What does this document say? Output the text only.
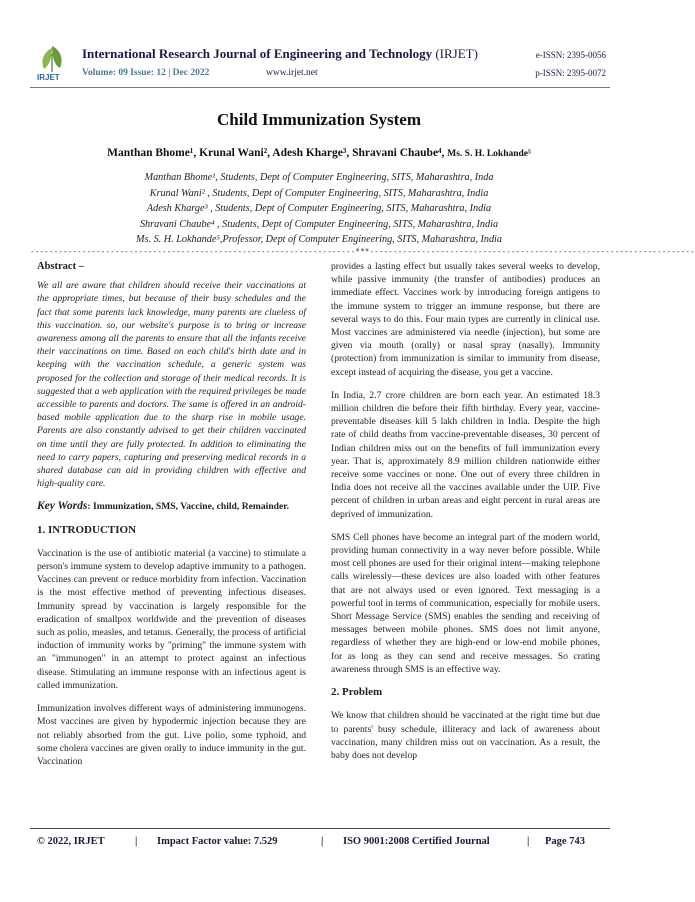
IRJET
International Research Journal of Engineering and Technology (IRJET)	e-ISSN: 2395-0056
Volume: 09 Issue: 12 | Dec 2022	www.irjet.net	p-ISSN: 2395-0072
Child Immunization System
Manthan Bhome¹, Krunal Wani², Adesh Kharge³, Shravani Chaube⁴, Ms. S. H. Lokhande⁵
Manthan Bhome¹, Students, Dept of Computer Engineering, SITS, Maharashtra, Inda
Krunal Wani² , Students, Dept of Computer Engineering, SITS, Maharashtra, India
Adesh Kharge³ , Students, Dept of Computer Engineering, SITS, Maharashtra, India
Shravani Chaube⁴ , Students, Dept of Computer Engineering, SITS, Maharashtra, India
---------------------------------------------------------------------***---------------------------------------------------------------------
Abstract –

We all are aware that children should receive their vaccinations at the appropriate times, but because of their busy schedules and the fact that some parents lack knowledge, many parents are clueless of this vaccination. so, our website's purpose is to bring or increase awareness among all the parents to ensure that all the infants receive their vaccinations on time. Based on each child's birth date and in keeping with the vaccination schedule, a generic system was proposed for the collection and storage of their medical records. It is suggested that a web application with the required privileges be made accessible to parents and doctors. The same is offered in an android-based mobile application due to the sharp rise in mobile usage. Parents are also constantly advised to get their children vaccinated on time until they are fully protected. In addition to eliminating the need to carry papers, capturing and preserving medical records in a shared database can aid in providing children with effective and high-quality care.

Key Words: Immunization, SMS, Vaccine, child, Remainder.

1. INTRODUCTION

Vaccination is the use of antibiotic material (a vaccine) to stimulate a person's immune system to develop adaptive immunity to a pathogen. Vaccines can prevent or reduce morbidity from infection. Vaccination is the most effective method of preventing infectious diseases. Immunity spread by vaccination is largely responsible for the eradication of smallpox worldwide and the prevention of diseases such as polio, measles, and tetanus. Generally, the process of artificial induction of immunity works by "priming" the immune system with an "immunogen" in an attempt to protect against an infectious disease. Stimulating an immune response with an infectious agent is called immunization.

Immunization involves different ways of administering immunogens. Most vaccines are given by hypodermic injection because they are not reliably absorbed from the gut. Live polio, some typhoid, and some cholera vaccines are given orally to induce immunity in the gut. Vaccination

provides a lasting effect but usually takes several weeks to develop, while passive immunity (the transfer of antibodies) produces an immediate effect. Vaccines work by introducing foreign antigens to the immune system to trigger an immune response, but there are several ways to do this. Four main types are currently in clinical use. Most vaccines are administered via needle (injection), but some are given via mouth (orally) or nasal spray (nasally). Immunity (protection) from immunization is similar to immunity from disease, except instead of acquiring the disease, you get a vaccine.

In India, 2.7 crore children are born each year. An estimated 18.3 million children die before their fifth birthday. Every year, vaccine-preventable diseases kill 5 lakh children in India. Despite the high rate of child deaths from vaccine-preventable diseases, 30 percent of Indian children miss out on the benefits of full immunization every year. That is, approximately 8.9 million children nationwide either receive some vaccines or none. One out of every three children in India does not receive all the vaccines available under the UIP. Five percent of children in urban areas and eight percent in rural areas are deprived of immunization.

SMS Cell phones have become an integral part of the modern world, providing human connectivity in a way never before possible. While most cell phones are used for their original intent—making telephone calls wirelessly—these devices are also loaded with other features that are not always used or even ignored. Text messaging is a powerful tool in terms of communication, especially for mobile users. Short Message Service (SMS) enables the sending and receiving of messages between mobile phones. SMS does not limit anyone, regardless of whether they are high-end or low-end mobile phones, for as long as they can send and receive messages. So crating awareness through SMS is an effective way.

2. Problem

We know that children should be vaccinated at the right time but due to parents' busy schedule, illiteracy and lack of awareness about vaccination, many children miss out on vaccination. As a result, the baby does not develop

© 2022, IRJET	| Impact Factor value: 7.529	| ISO 9001:2008 Certified Journal	| Page 743
Ms. S. H. Lokhande⁵,Professor, Dept of Computer Engineering, SITS, Maharashtra, India
